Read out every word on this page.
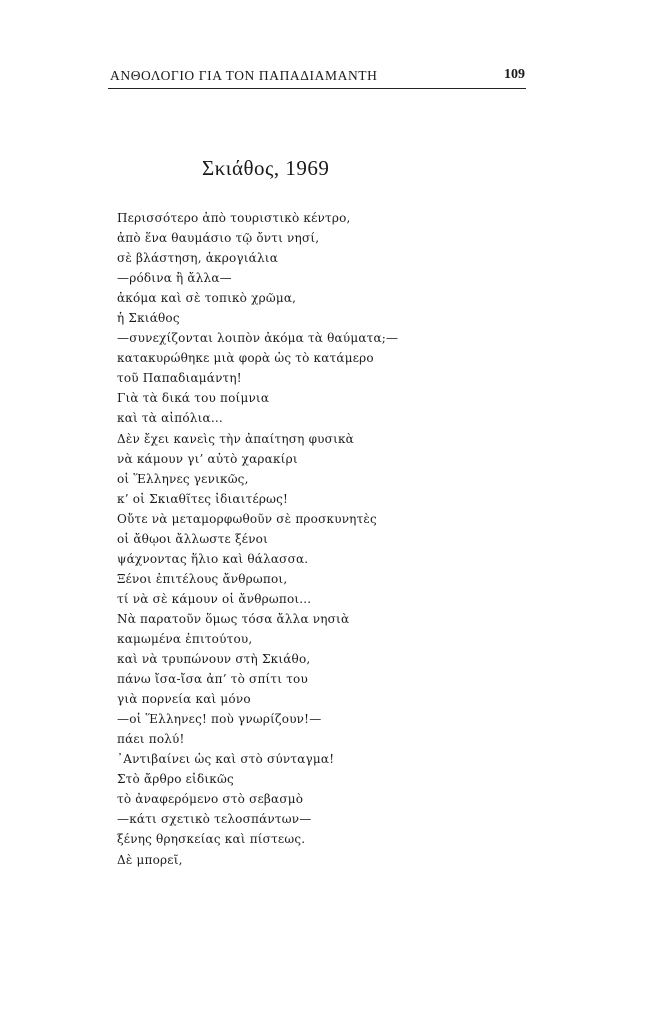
ΑΝΘΟΛΟΓΙΟ ΓΙΑ ΤΟΝ ΠΑΠΑΔΙΑΜΑΝΤΗ	109
Σκιάθος, 1969
Περισσότερο ἀπὸ τουριστικὸ κέντρο,
ἀπὸ ἕνα θαυμάσιο τῷ ὄντι νησί,
σὲ βλάστηση, ἀκρογιάλια
—ρόδινα ἢ ἄλλα—
ἀκόμα καὶ σὲ τοπικὸ χρῶμα,
ἡ Σκιάθος
—συνεχίζονται λοιπὸν ἀκόμα τὰ θαύματα;—
κατακυρώθηκε μιὰ φορὰ ὡς τὸ κατάμερο
τοῦ Παπαδιαμάντη!
Γιὰ τὰ δικά του ποίμνια
καὶ τὰ αἰπόλια...
Δὲν ἔχει κανεὶς τὴν ἀπαίτηση φυσικὰ
νὰ κάμουν γι’ αὐτὸ χαρακίρι
οἱ Ἕλληνες γενικῶς,
κ’ οἱ Σκιαθῖτες ἰδιαιτέρως!
Οὔτε νὰ μεταμορφωθοῦν σὲ προσκυνητὲς
οἱ ἄθῳοι ἄλλωστε ξένοι
ψάχνοντας ἥλιο καὶ θάλασσα.
Ξένοι ἐπιτέλους ἄνθρωποι,
τί νὰ σὲ κάμουν οἱ ἄνθρωποι...
Νὰ παρατοῦν ὅμως τόσα ἄλλα νησιὰ
καμωμένα ἐπιτούτου,
καὶ νὰ τρυπώνουν στὴ Σκιάθο,
πάνω ἴσα-ἴσα ἀπ’ τὸ σπίτι του
γιὰ πορνεία καὶ μόνο
—οἱ Ἕλληνες! ποὺ γνωρίζουν!—
πάει πολύ!
᾿Αντιβαίνει ὡς καὶ στὸ σύνταγμα!
Στὸ ἄρθρο εἰδικῶς
τὸ ἀναφερόμενο στὸ σεβασμὸ
—κάτι σχετικὸ τελοσπάντων—
ξένης θρησκείας καὶ πίστεως.
Δὲ μπορεῖ,
